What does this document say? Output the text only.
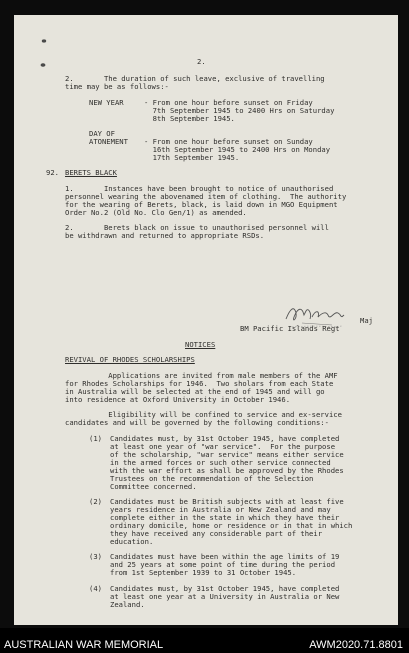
2.
2.       The duration of such leave, exclusive of travelling
time may be as follows:-
NEW YEAR	- From one hour before sunset on Friday
7th September 1945 to 2400 Hrs on Saturday
8th September 1945.
DAY OF
ATONEMENT - From one hour before sunset on Sunday
16th September 1945 to 2400 Hrs on Monday
17th September 1945.
92. BERETS BLACK
1.       Instances have been brought to notice of unauthorised
personnel wearing the abovenamed item of clothing.  The authority
for the wearing of Berets, black, is laid down in MGO Equipment
Order No.2 (Old No. Clo Gen/1) as amended.
2.       Berets black on issue to unauthorised personnel will
be withdrawn and returned to appropriate RSDs.
Maj
BM Pacific Islands Regt
NOTICES
REVIVAL OF RHODES SCHOLARSHIPS
Applications are invited from male members of the AMF
for Rhodes Scholarships for 1946.  Two sholars from each State
in Australia will be selected at the end of 1945 and will go
into residence at Oxford University in October 1946.
Eligibility will be confined to service and ex-service
candidates and will be governed by the following conditions:-
(1) Candidates must, by 31st October 1945, have completed
at least one year of "war service".  For the purpose
of the scholarship, "war service" means either service
in the armed forces or such other service connected
with the war effort as shall be approved by the Rhodes
Trustees on the recommendation of the Selection
Committee concerned.
(2) Candidates must be British subjects with at least five
years residence in Australia or New Zealand and may
complete either in the state in which they have their
ordinary domicile, home or residence or in that in which
they have received any considerable part of their
education.
(3) Candidates must have been within the age limits of 19
and 25 years at some point of time during the period
from 1st September 1939 to 31 October 1945.
(4) Candidates must, by 31st October 1945, have completed
at least one year at a University in Australia or New
Zealand.
AUSTRALIAN WAR MEMORIAL	AWM2020.71.8801
